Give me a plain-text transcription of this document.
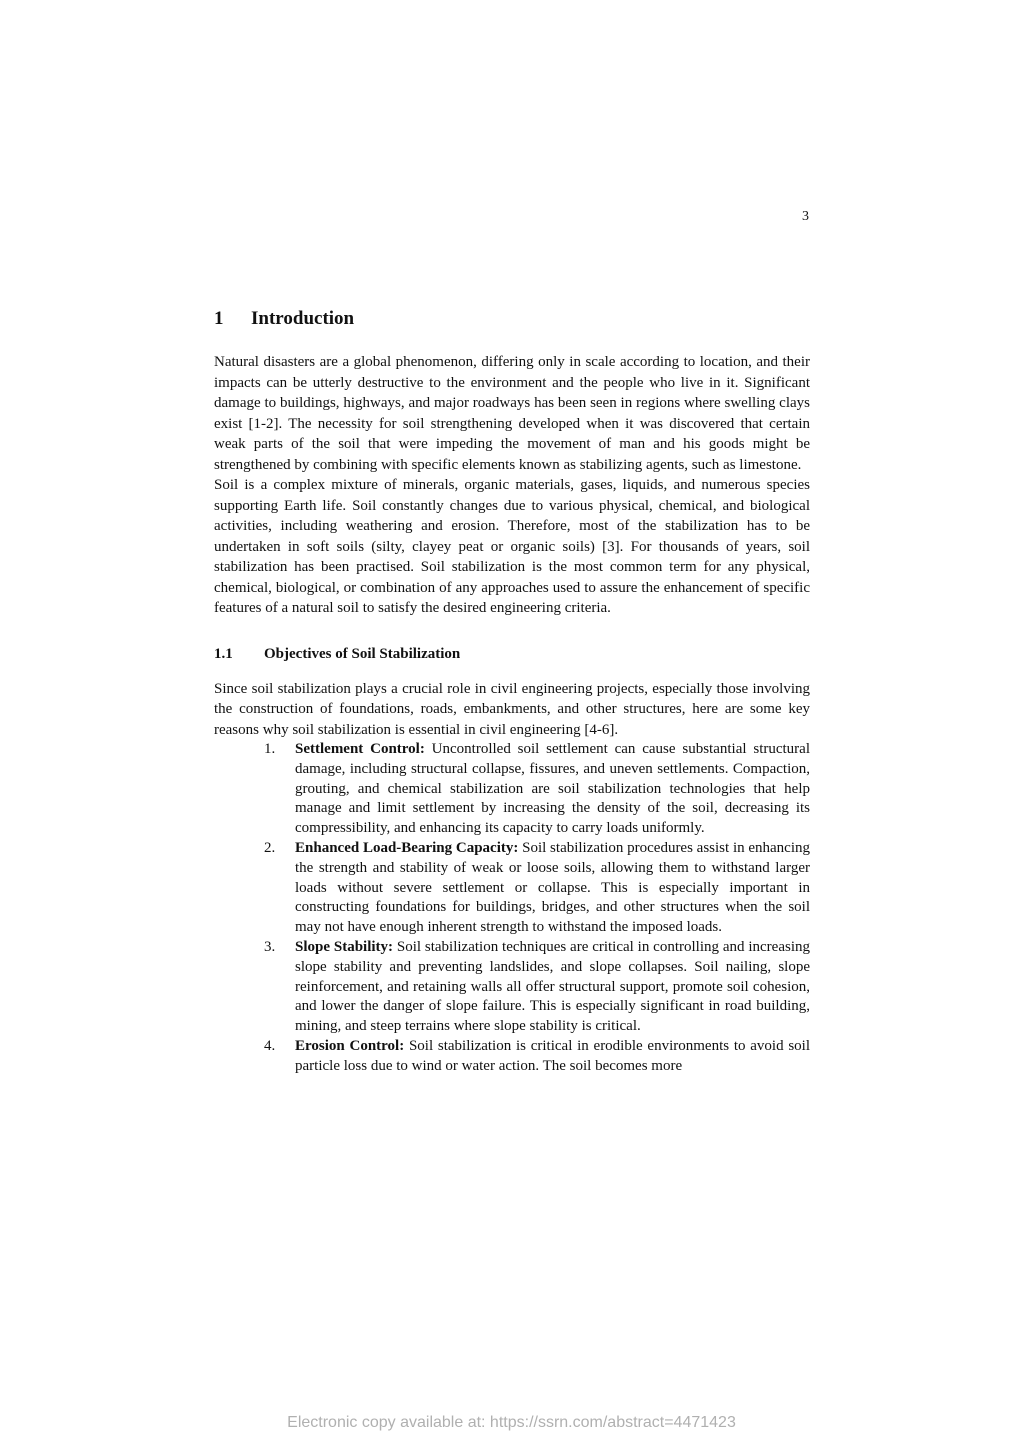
3
1 Introduction

Natural disasters are a global phenomenon, differing only in scale according to location, and their impacts can be utterly destructive to the environment and the people who live in it. Significant damage to buildings, highways, and major roadways has been seen in regions where swelling clays exist [1-2]. The necessity for soil strengthening developed when it was discovered that certain weak parts of the soil that were impeding the movement of man and his goods might be strengthened by combining with specific elements known as stabilizing agents, such as limestone.

Soil is a complex mixture of minerals, organic materials, gases, liquids, and numerous species supporting Earth life. Soil constantly changes due to various physical, chemical, and biological activities, including weathering and erosion. Therefore, most of the stabilization has to be undertaken in soft soils (silty, clayey peat or organic soils) [3]. For thousands of years, soil stabilization has been practised. Soil stabilization is the most common term for any physical, chemical, biological, or combination of any approaches used to assure the enhancement of specific features of a natural soil to satisfy the desired engineering criteria.

1.1 Objectives of Soil Stabilization

Since soil stabilization plays a crucial role in civil engineering projects, especially those involving the construction of foundations, roads, embankments, and other structures, here are some key reasons why soil stabilization is essential in civil engineering [4-6].

1. Settlement Control: Uncontrolled soil settlement can cause substantial structural damage, including structural collapse, fissures, and uneven settlements. Compaction, grouting, and chemical stabilization are soil stabilization technologies that help manage and limit settlement by increasing the density of the soil, decreasing its compressibility, and enhancing its capacity to carry loads uniformly.
2. Enhanced Load-Bearing Capacity: Soil stabilization procedures assist in enhancing the strength and stability of weak or loose soils, allowing them to withstand larger loads without severe settlement or collapse. This is especially important in constructing foundations for buildings, bridges, and other structures when the soil may not have enough inherent strength to withstand the imposed loads.
3. Slope Stability: Soil stabilization techniques are critical in controlling and increasing slope stability and preventing landslides, and slope collapses. Soil nailing, slope reinforcement, and retaining walls all offer structural support, promote soil cohesion, and lower the danger of slope failure. This is especially significant in road building, mining, and steep terrains where slope stability is critical.
4. Erosion Control: Soil stabilization is critical in erodible environments to avoid soil particle loss due to wind or water action. The soil becomes more
Electronic copy available at: https://ssrn.com/abstract=4471423
